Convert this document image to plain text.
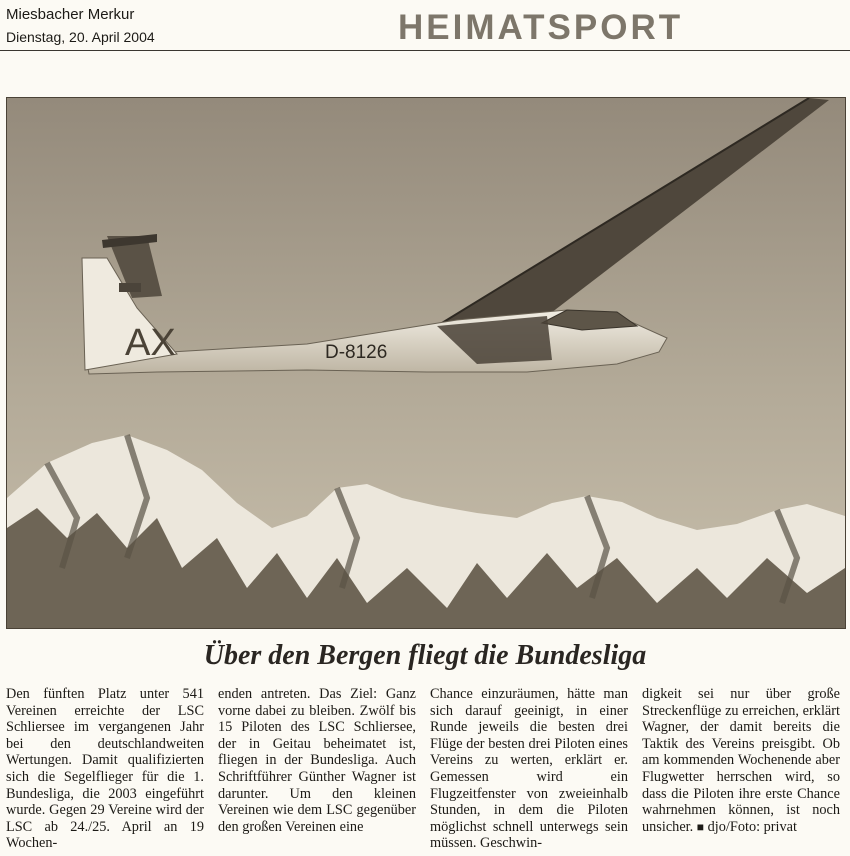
Miesbacher Merkur
Dienstag, 20. April 2004	HEIMATSPORT
AX	D-8126
Über den Bergen fliegt die Bundesliga

Den fünften Platz unter 541 Vereinen erreichte der LSC Schliersee im vergangenen Jahr bei den deutschlandweiten Wertungen. Damit qualifizierten sich die Segelflieger für die 1. Bundesliga, die 2003 eingeführt wurde. Gegen 29 Vereine wird der LSC ab 24./25. April an 19 Wochen-

enden antreten. Das Ziel: Ganz vorne dabei zu bleiben. Zwölf bis 15 Piloten des LSC Schliersee, der in Geitau beheimatet ist, fliegen in der Bundesliga. Auch Schriftführer Günther Wagner ist darunter. Um den kleinen Vereinen wie dem LSC gegenüber den großen Vereinen eine

Chance einzuräumen, hätte man sich darauf geeinigt, in einer Runde jeweils die besten drei Flüge der besten drei Piloten eines Vereins zu werten, erklärt er. Gemessen wird ein Flugzeitfenster von zweieinhalb Stunden, in dem die Piloten möglichst schnell unterwegs sein müssen. Geschwin-

digkeit sei nur über große Streckenflüge zu erreichen, erklärt Wagner, der damit bereits die Taktik des Vereins preisgibt. Ob am kommenden Wochenende aber Flugwetter herrschen wird, so dass die Piloten ihre erste Chance wahrnehmen können, ist noch unsicher. ■ djo/Foto: privat
